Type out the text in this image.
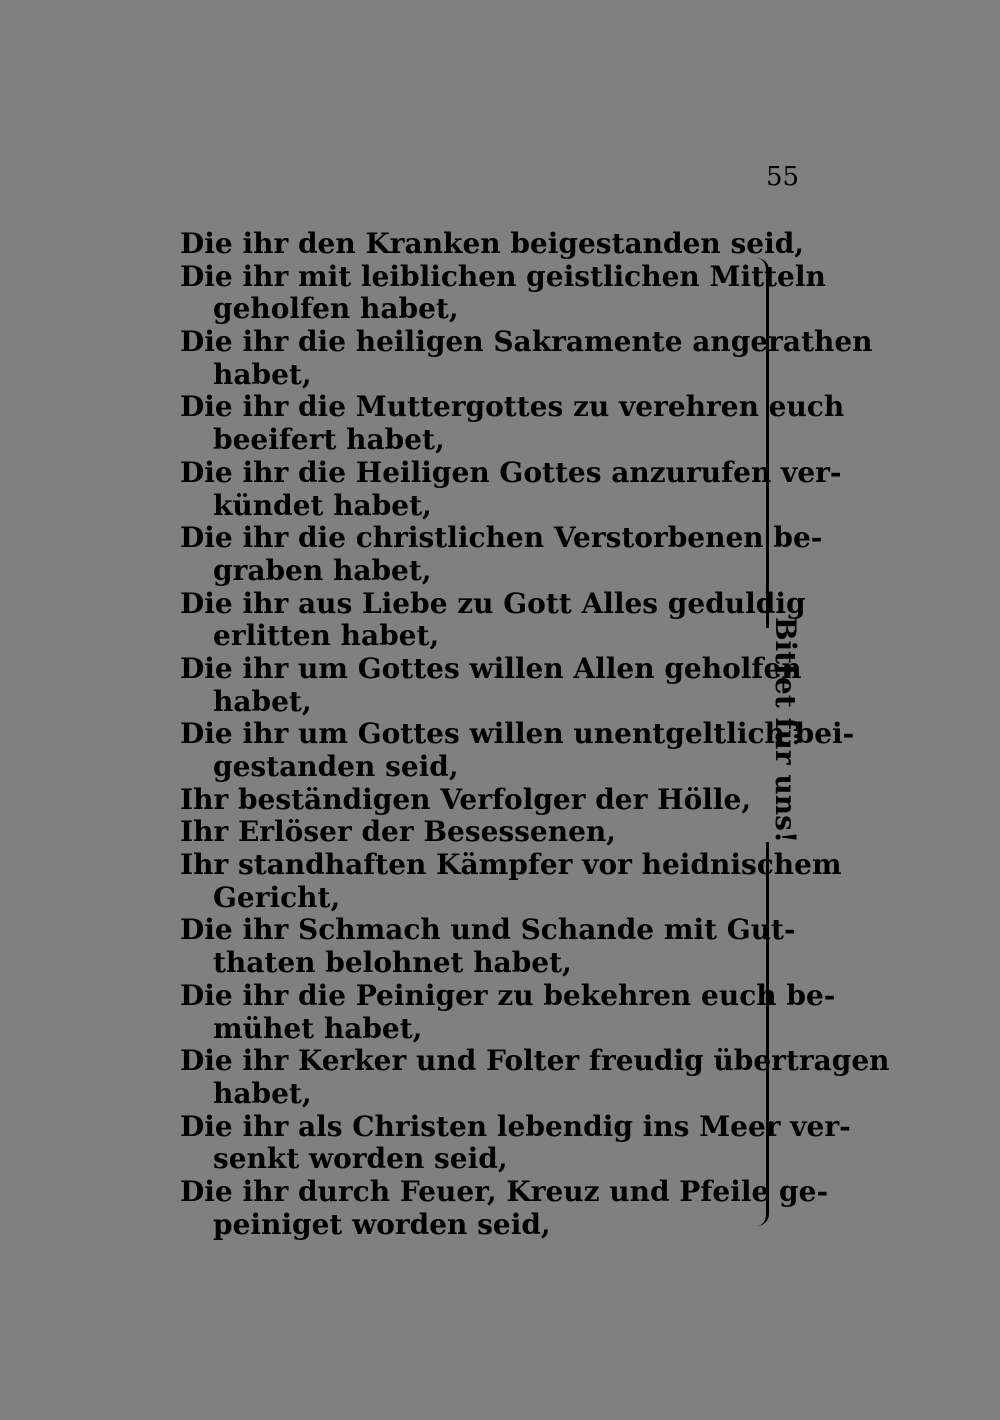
55
Die ihr den Kranken beigestanden seid,
Die ihr mit leiblichen geistlichen Mitteln
geholfen habet,
Die ihr die heiligen Sakramente angerathen
habet,
Die ihr die Muttergottes zu verehren euch
beeifert habet,
Die ihr die Heiligen Gottes anzurufen ver-
kündet habet,
Die ihr die christlichen Verstorbenen be-
graben habet,
Die ihr aus Liebe zu Gott Alles geduldig
erlitten habet,
Die ihr um Gottes willen Allen geholfen
habet,
Die ihr um Gottes willen unentgeltlich bei-
gestanden seid,
Ihr beständigen Verfolger der Hölle,
Ihr Erlöser der Besessenen,
Ihr standhaften Kämpfer vor heidnischem
Gericht,
Die ihr Schmach und Schande mit Gut-
thaten belohnet habet,
Die ihr die Peiniger zu bekehren euch be-
mühet habet,
Die ihr Kerker und Folter freudig übertragen
habet,
Die ihr als Christen lebendig ins Meer ver-
senkt worden seid,
Die ihr durch Feuer, Kreuz und Pfeile ge-
peiniget worden seid,
Bittet für uns!
